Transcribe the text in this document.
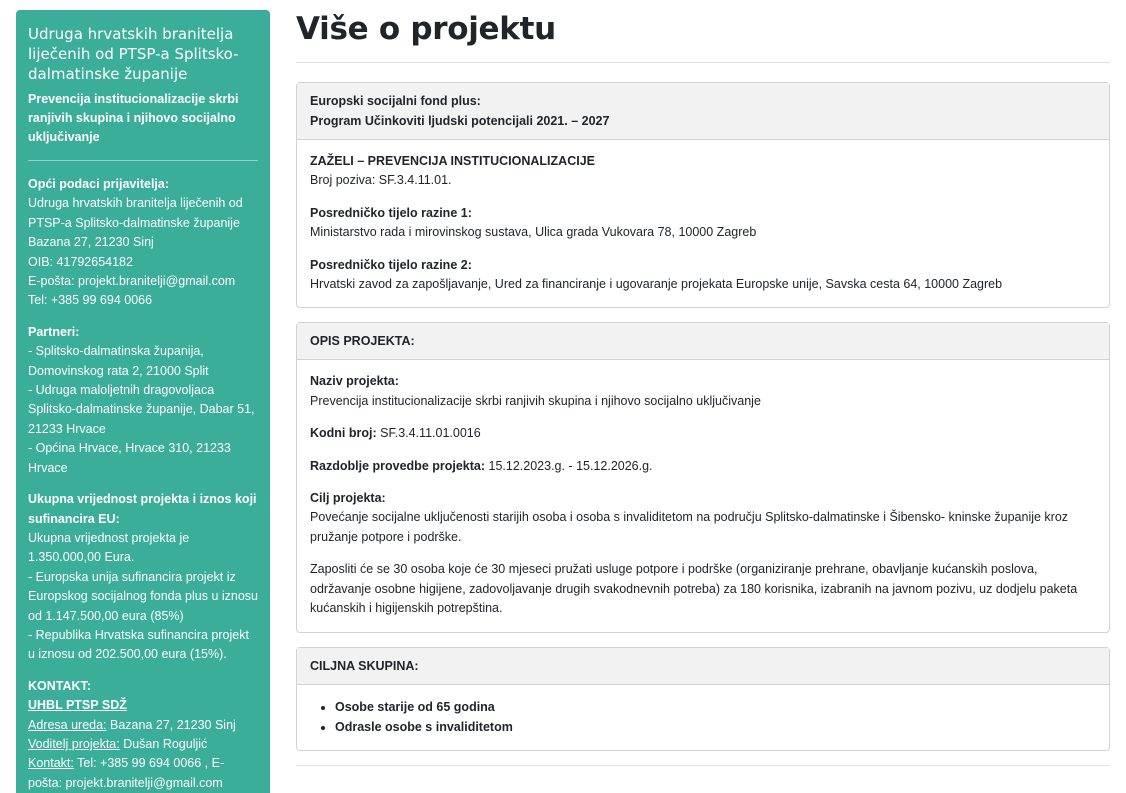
Udruga hrvatskih branitelja liječenih od PTSP-a Splitsko-dalmatinske županije
Prevencija institucionalizacije skrbi ranjivih skupina i njihovo socijalno uključivanje
Opći podaci prijavitelja:
Udruga hrvatskih branitelja liječenih od PTSP-a Splitsko-dalmatinske županije
Bazana 27, 21230 Sinj
OIB: 41792654182
E-pošta: projekt.branitelji@gmail.com
Tel: +385 99 694 0066
Partneri:
- Splitsko-dalmatinska županija, Domovinskog rata 2, 21000 Split
- Udruga maloljetnih dragovoljaca Splitsko-dalmatinske županije, Dabar 51, 21233 Hrvace
- Općina Hrvace, Hrvace 310, 21233 Hrvace
Ukupna vrijednost projekta i iznos koji sufinancira EU:
Ukupna vrijednost projekta je 1.350.000,00 Eura.
- Europska unija sufinancira projekt iz Europskog socijalnog fonda plus u iznosu od 1.147.500,00 eura (85%)
- Republika Hrvatska sufinancira projekt u iznosu od 202.500,00 eura (15%).
KONTAKT:
UHBL PTSP SDŽ
Adresa ureda: Bazana 27, 21230 Sinj
Voditelj projekta: Dušan Roguljić
Kontakt: Tel: +385 99 694 0066 , E-pošta: projekt.branitelji@gmail.com
Više o projektu
Europski socijalni fond plus:
Program Učinkoviti ljudski potencijali 2021. – 2027

ZAŽELI – PREVENCIJA INSTITUCIONALIZACIJE
Broj poziva: SF.3.4.11.01.

Posredničko tijelo razine 1:
Ministarstvo rada i mirovinskog sustava, Ulica grada Vukovara 78, 10000 Zagreb

Posredničko tijelo razine 2:
Hrvatski zavod za zapošljavanje, Ured za financiranje i ugovaranje projekata Europske unije, Savska cesta 64, 10000 Zagreb

OPIS PROJEKTA:

Naziv projekta:
Prevencija institucionalizacije skrbi ranjivih skupina i njihovo socijalno uključivanje

Kodni broj: SF.3.4.11.01.0016

Razdoblje provedbe projekta: 15.12.2023.g. - 15.12.2026.g.

Cilj projekta:
Povećanje socijalne uključenosti starijih osoba i osoba s invaliditetom na području Splitsko-dalmatinske i Šibensko- kninske županije kroz pružanje potpore i podrške.

Zaposliti će se 30 osoba koje će 30 mjeseci pružati usluge potpore i podrške (organiziranje prehrane, obavljanje kućanskih poslova, održavanje osobne higijene, zadovoljavanje drugih svakodnevnih potreba) za 180 korisnika, izabranih na javnom pozivu, uz dodjelu paketa kućanskih i higijenskih potrepština.

CILJNA SKUPINA:
• Osobe starije od 65 godina
• Odrasle osobe s invaliditetom
